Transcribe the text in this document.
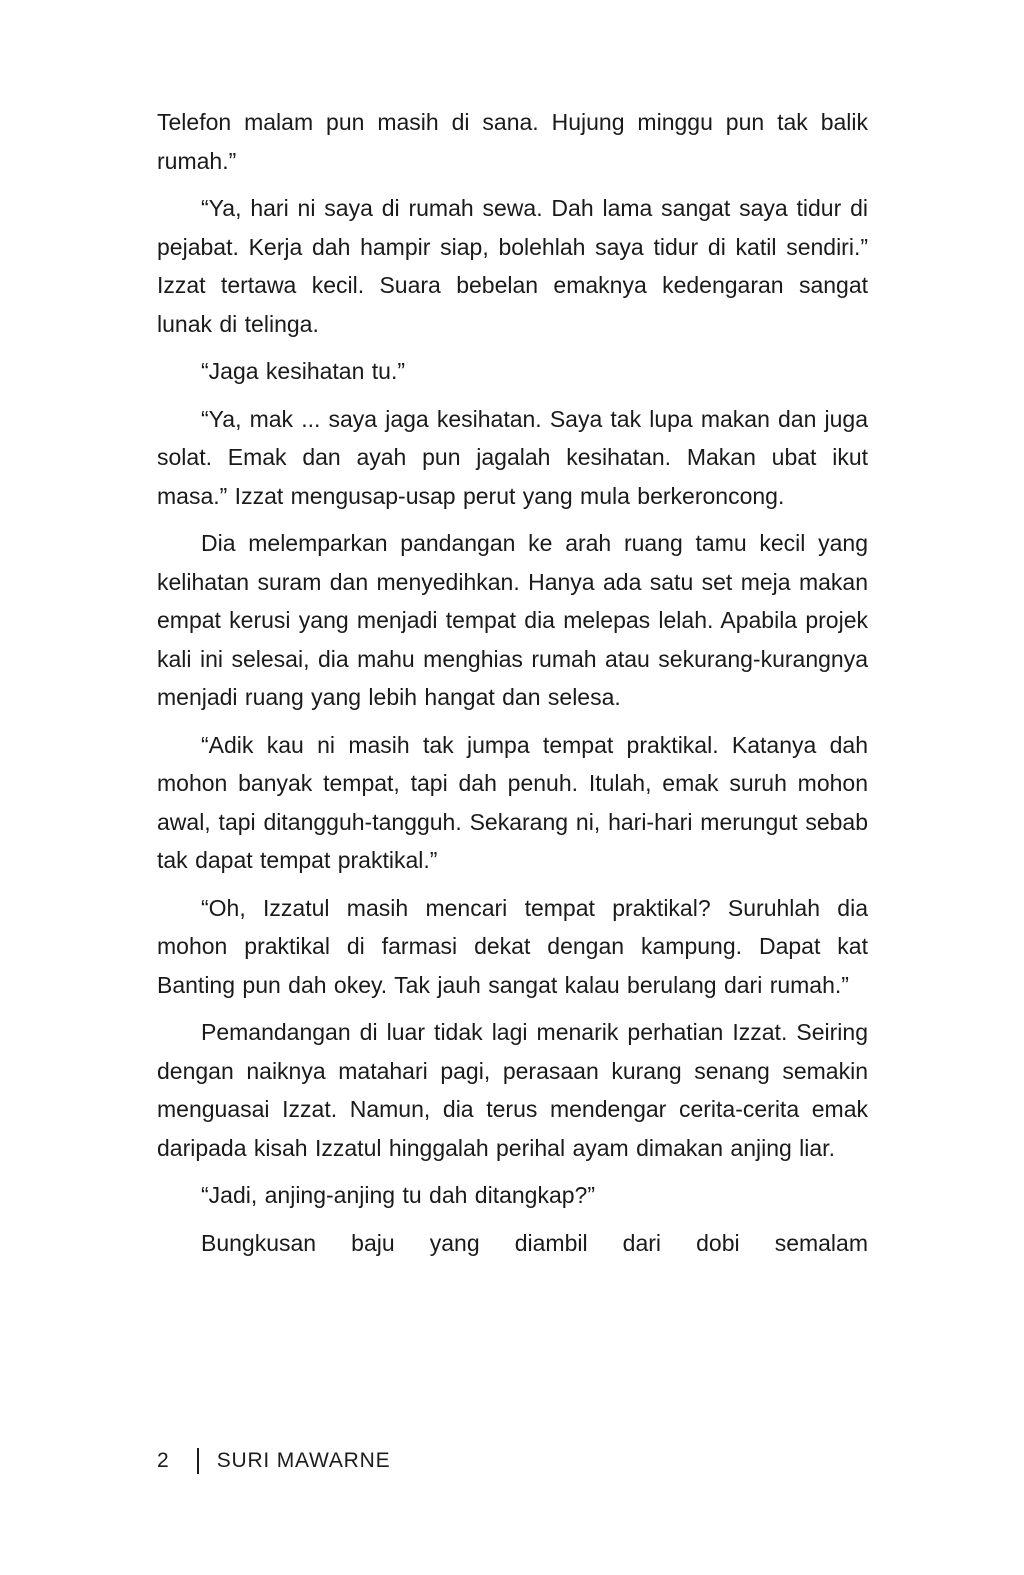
Telefon malam pun masih di sana. Hujung minggu pun tak balik rumah.”

“Ya, hari ni saya di rumah sewa. Dah lama sangat saya tidur di pejabat. Kerja dah hampir siap, bolehlah saya tidur di katil sendiri.” Izzat tertawa kecil. Suara bebelan emaknya kedengaran sangat lunak di telinga.

“Jaga kesihatan tu.”

“Ya, mak ... saya jaga kesihatan. Saya tak lupa makan dan juga solat. Emak dan ayah pun jagalah kesihatan. Makan ubat ikut masa.” Izzat mengusap-usap perut yang mula berkeroncong.

Dia melemparkan pandangan ke arah ruang tamu kecil yang kelihatan suram dan menyedihkan. Hanya ada satu set meja makan empat kerusi yang menjadi tempat dia melepas lelah. Apabila projek kali ini selesai, dia mahu menghias rumah atau sekurang-kurangnya menjadi ruang yang lebih hangat dan selesa.

“Adik kau ni masih tak jumpa tempat praktikal. Katanya dah mohon banyak tempat, tapi dah penuh. Itulah, emak suruh mohon awal, tapi ditangguh-tangguh. Sekarang ni, hari-hari merungut sebab tak dapat tempat praktikal.”

“Oh, Izzatul masih mencari tempat praktikal? Suruhlah dia mohon praktikal di farmasi dekat dengan kampung. Dapat kat Banting pun dah okey. Tak jauh sangat kalau berulang dari rumah.”

Pemandangan di luar tidak lagi menarik perhatian Izzat. Seiring dengan naiknya matahari pagi, perasaan kurang senang semakin menguasai Izzat. Namun, dia terus mendengar cerita-cerita emak daripada kisah Izzatul hinggalah perihal ayam dimakan anjing liar.

“Jadi, anjing-anjing tu dah ditangkap?”

Bungkusan baju yang diambil dari dobi semalam

2 SURI MAWARNE
